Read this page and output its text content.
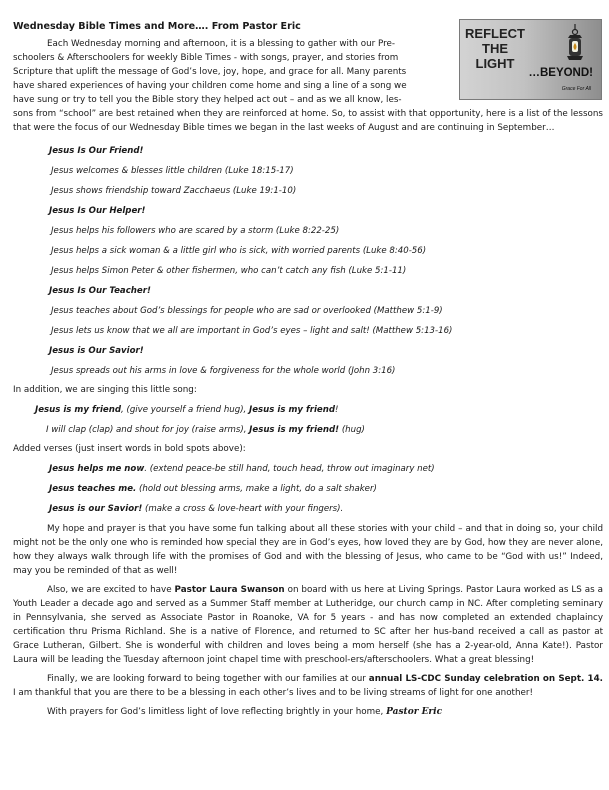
REFLECT
THE
LIGHT
…BEYOND!
Grace For All
Wednesday Bible Times and More…. From Pastor Eric
Each Wednesday morning and afternoon, it is a blessing to gather with our Pre-
schoolers & Afterschoolers for weekly Bible Times - with songs, prayer, and stories from
Scripture that uplift the message of God’s love, joy, hope, and grace for all. Many parents
have shared experiences of having your children come home and sing a line of a song we
have sung or try to tell you the Bible story they helped act out – and as we all know, les-

sons from “school” are best retained when they are reinforced at home. So, to assist with that opportunity, here is a list of the lessons that were the focus of our Wednesday Bible times we began in the last weeks of August and are continuing in September…

Jesus Is Our Friend!
Jesus welcomes & blesses little children (Luke 18:15-17)
Jesus shows friendship toward Zacchaeus (Luke 19:1-10)
Jesus Is Our Helper!
Jesus helps his followers who are scared by a storm (Luke 8:22-25)
Jesus helps a sick woman & a little girl who is sick, with worried parents (Luke 8:40-56)
Jesus helps Simon Peter & other fishermen, who can’t catch any fish (Luke 5:1-11)
Jesus Is Our Teacher!
Jesus teaches about God’s blessings for people who are sad or overlooked (Matthew 5:1-9)
Jesus lets us know that we all are important in God’s eyes – light and salt! (Matthew 5:13-16)
Jesus is Our Savior!
Jesus spreads out his arms in love & forgiveness for the whole world (John 3:16)
In addition, we are singing this little song:
Jesus is my friend, (give yourself a friend hug), Jesus is my friend!
I will clap (clap) and shout for joy (raise arms), Jesus is my friend! (hug)
Added verses (just insert words in bold spots above):
Jesus helps me now. (extend peace-be still hand, touch head, throw out imaginary net)
Jesus teaches me. (hold out blessing arms, make a light, do a salt shaker)
Jesus is our Savior! (make a cross & love-heart with your fingers).

My hope and prayer is that you have some fun talking about all these stories with your child – and that in doing so, your child might not be the only one who is reminded how special they are in God’s eyes, how loved they are by God, how they are never alone, how they always walk through life with the promises of God and with the blessing of Jesus, who came to be “God with us!” Indeed, may you be reminded of that as well!

Also, we are excited to have Pastor Laura Swanson on board with us here at Living Springs. Pastor Laura worked as LS as a Youth Leader a decade ago and served as a Summer Staff member at Lutheridge, our church camp in NC. After completing seminary in Pennsylvania, she served as Associate Pastor in Roanoke, VA for 5 years - and has now completed an extended chaplaincy certification thru Prisma Richland. She is a native of Florence, and returned to SC after her hus-band received a call as pastor at Grace Lutheran, Gilbert. She is wonderful with children and loves being a mom herself (she has a 2-year-old, Anna Kate!). Pastor Laura will be leading the Tuesday afternoon joint chapel time with preschool-ers/afterschoolers. What a great blessing!

Finally, we are looking forward to being together with our families at our annual LS-CDC Sunday celebration on Sept. 14. I am thankful that you are there to be a blessing in each other’s lives and to be living streams of light for one another!

With prayers for God’s limitless light of love reflecting brightly in your home, Pastor Eric
